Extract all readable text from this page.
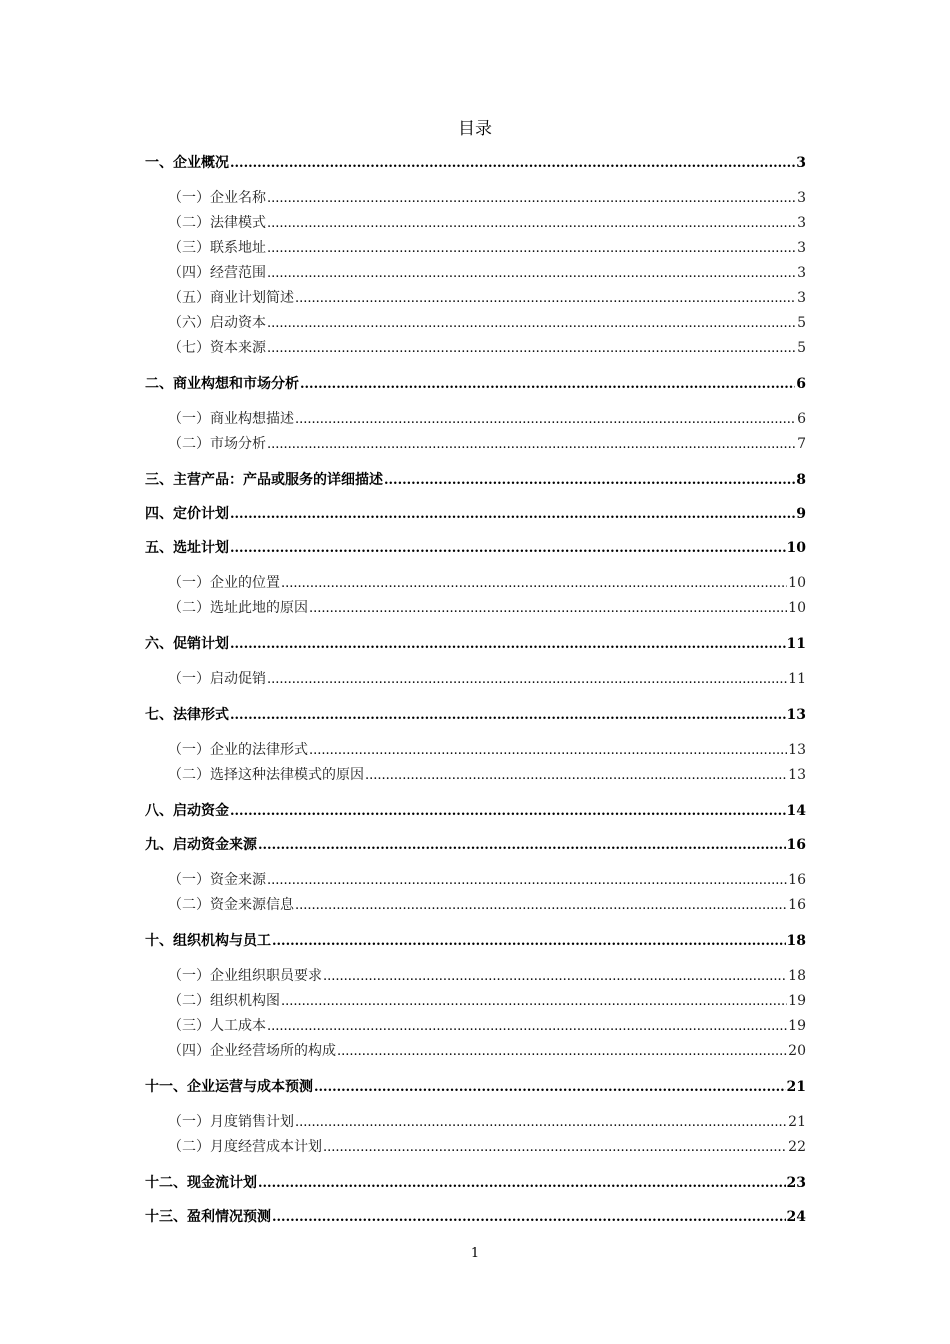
目录
一、企业概况 .....	3
（一）企业名称 .....	3
（二）法律模式 .....	3
（三）联系地址 .....	3
（四）经营范围 .....	3
（五）商业计划简述 .....	3
（六）启动资本 .....	5
（七）资本来源 .....	5
二、商业构想和市场分析 .....	6
（一）商业构想描述 .....	6
（二）市场分析 .....	7
三、主营产品：产品或服务的详细描述 .....	8
四、定价计划 .....	9
五、选址计划 .....	10
（一）企业的位置 .....	10
（二）选址此地的原因 .....	10
六、促销计划 .....	11
（一）启动促销 .....	11
七、法律形式 .....	13
（一）企业的法律形式 .....	13
（二）选择这种法律模式的原因 .....	13
八、启动资金 .....	14
九、启动资金来源 .....	16
（一）资金来源 .....	16
（二）资金来源信息 .....	16
十、组织机构与员工 .....	18
（一）企业组织职员要求 .....	18
（二）组织机构图 .....	19
（三）人工成本 .....	19
（四）企业经营场所的构成 .....	20
十一、企业运营与成本预测 .....	21
（一）月度销售计划 .....	21
（二）月度经营成本计划 .....	22
十二、现金流计划 .....	23
十三、盈利情况预测 .....	24
1
